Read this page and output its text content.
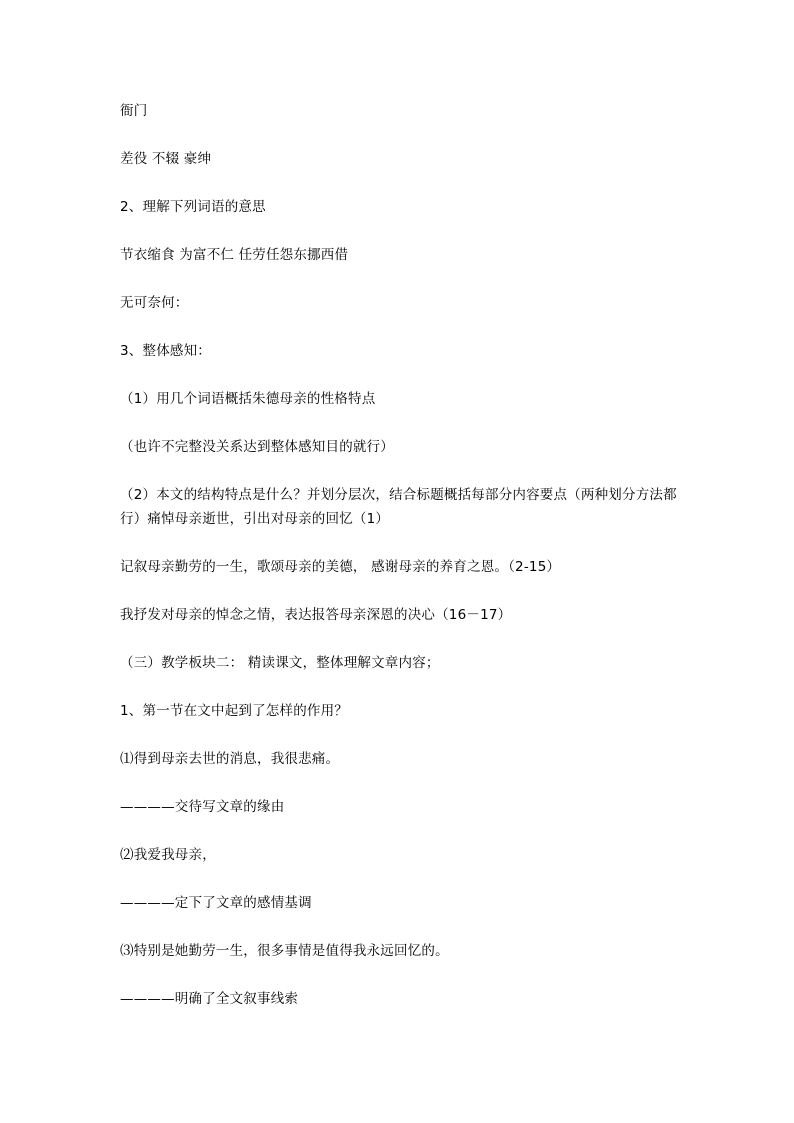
衙门

差役 不辍 豪绅

2、理解下列词语的意思

节衣缩食 为富不仁 任劳任怨东挪西借

无可奈何：

3、整体感知：

（1）用几个词语概括朱德母亲的性格特点

（也许不完整没关系达到整体感知目的就行）

（2）本文的结构特点是什么？并划分层次，结合标题概括每部分内容要点（两种划分方法都行）痛悼母亲逝世，引出对母亲的回忆（1）

记叙母亲勤劳的一生，歌颂母亲的美德， 感谢母亲的养育之恩。（2-15）

我抒发对母亲的悼念之情，表达报答母亲深恩的决心（16－17）

（三）教学板块二： 精读课文，整体理解文章内容；

1、第一节在文中起到了怎样的作用？

⑴得到母亲去世的消息，我很悲痛。

————交待写文章的缘由

⑵我爱我母亲，

————定下了文章的感情基调

⑶特别是她勤劳一生，很多事情是值得我永远回忆的。

————明确了全文叙事线索
